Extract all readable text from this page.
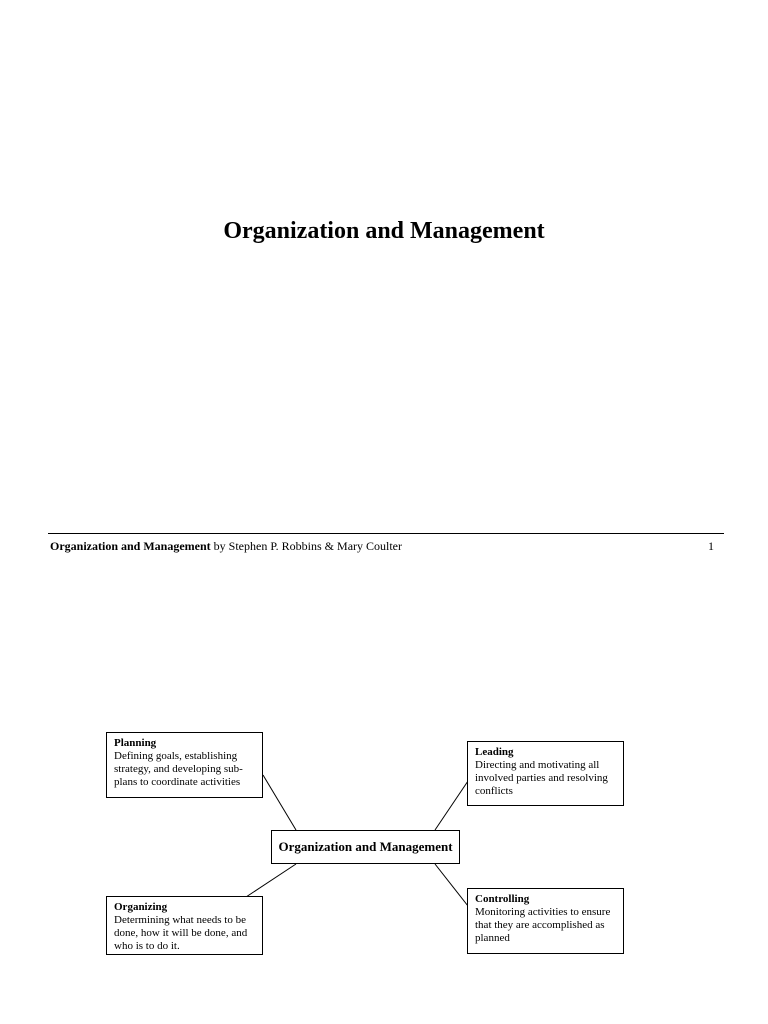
Organization and Management
Organization and Management by Stephen P. Robbins & Mary Coulter	1
Planning
Defining goals, establishing
strategy, and developing sub-
plans to coordinate activities
Leading
Directing and motivating all
involved parties and resolving
conflicts
Organization and Management
Organizing
Determining what needs to be
done, how it will be done, and
who is to do it.
Controlling
Monitoring activities to ensure
that they are accomplished as
planned
